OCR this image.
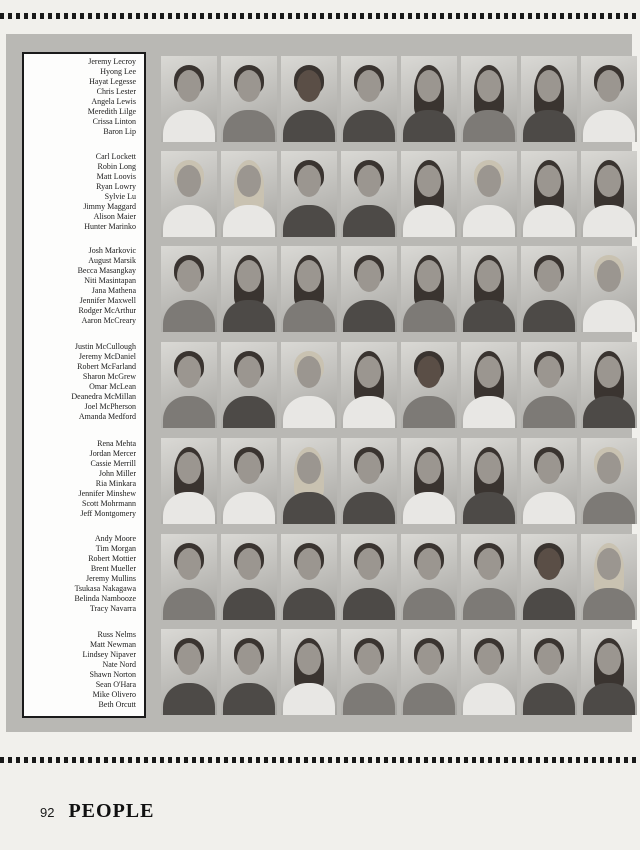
Jeremy Lecroy
Hyong Lee
Hayat Legesse
Chris Lester
Angela Lewis
Meredith Lilge
Crissa Linton
Baron Lip
Carl Lockett
Robin Long
Matt Loovis
Ryan Lowry
Sylvie Lu
Jimmy Maggard
Alison Maier
Hunter Marinko
Josh Markovic
August Marsik
Becca Masangkay
Niti Masintapan
Jana Mathena
Jennifer Maxwell
Rodger McArthur
Aaron McCreary
Justin McCullough
Jeremy McDaniel
Robert McFarland
Sharon McGrew
Omar McLean
Deanedra McMillan
Joel McPherson
Amanda Medford
Rena Mehta
Jordan Mercer
Cassie Merrill
John Miller
Ria Minkara
Jennifer Minshew
Scott Mohrmann
Jeff Montgomery
Andy Moore
Tim Morgan
Robert Mottier
Brent Mueller
Jeremy Mullins
Tsukasa Nakagawa
Belinda Nambooze
Tracy Navarra
Russ Nelms
Matt Newman
Lindsey Nipaver
Nate Nord
Shawn Norton
Sean O'Hara
Mike Olivero
Beth Orcutt
92 PEOPLE
